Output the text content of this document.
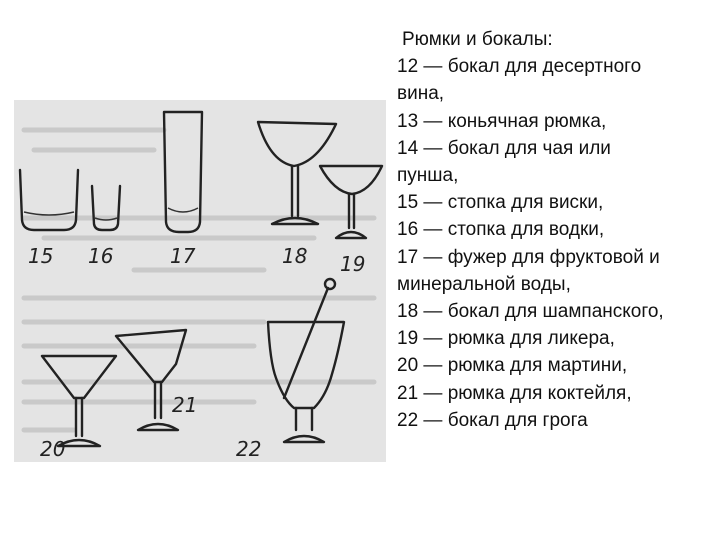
15 16	17	18 19
20
21
22
Рюмки и бокалы:
12 — бокал для десертного
вина,
13 — коньячная рюмка,
14 — бокал для чая или
пунша,
15 — стопка для виски,
16 — стопка для водки,
17 — фужер для фруктовой и
минеральной воды,
18 — бокал для шампанского,
19 — рюмка для ликера,
20 — рюмка для мартини,
21 — рюмка для коктейля,
22 — бокал для грога
